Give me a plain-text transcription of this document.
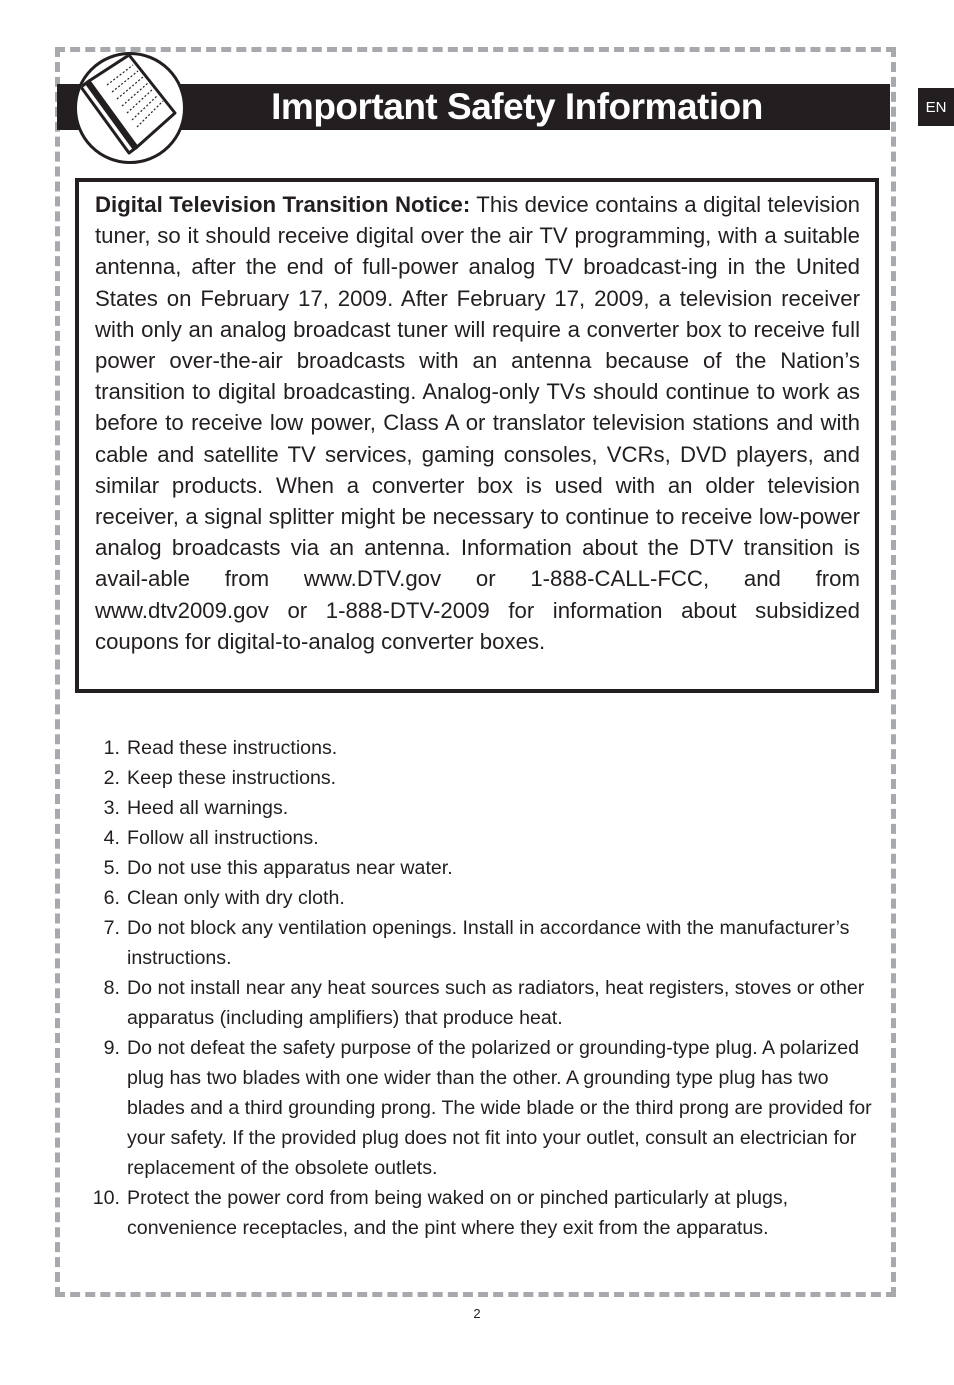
EN
Important Safety Information

Digital Television Transition Notice: This device contains a digital television tuner, so it should receive digital over the air TV programming, with a suitable antenna, after the end of full-power analog TV broadcast-ing in the United States on February 17, 2009. After February 17, 2009, a television receiver with only an analog broadcast tuner will require a converter box to receive full power over-the-air broadcasts with an antenna because of the Nation’s transition to digital broadcasting. Analog-only TVs should continue to work as before to receive low power, Class A or translator television stations and with cable and satellite TV services, gaming consoles, VCRs, DVD players, and similar products. When a converter box is used with an older television receiver, a signal splitter might be necessary to continue to receive low-power analog broadcasts via an antenna. Information about the DTV transition is avail-able from www.DTV.gov or 1-888-CALL-FCC, and from www.dtv2009.gov or 1-888-DTV-2009 for information about subsidized coupons for digital-to-analog converter boxes.

1. Read these instructions.
2. Keep these instructions.
3. Heed all warnings.
4. Follow all instructions.
5. Do not use this apparatus near water.
6. Clean only with dry cloth.
7. Do not block any ventilation openings. Install in accordance with the manufacturer’s instructions.
8. Do not install near any heat sources such as radiators, heat registers, stoves or other apparatus (including amplifiers) that produce heat.
9. Do not defeat the safety purpose of the polarized or grounding-type plug. A polarized plug has two blades with one wider than the other. A grounding type plug has two blades and a third grounding prong. The wide blade or the third prong are provided for your safety. If the provided plug does not fit into your outlet, consult an electrician for replacement of the obsolete outlets.
10. Protect the power cord from being waked on or pinched particularly at plugs, convenience receptacles, and the pint where they exit from the apparatus.
2
